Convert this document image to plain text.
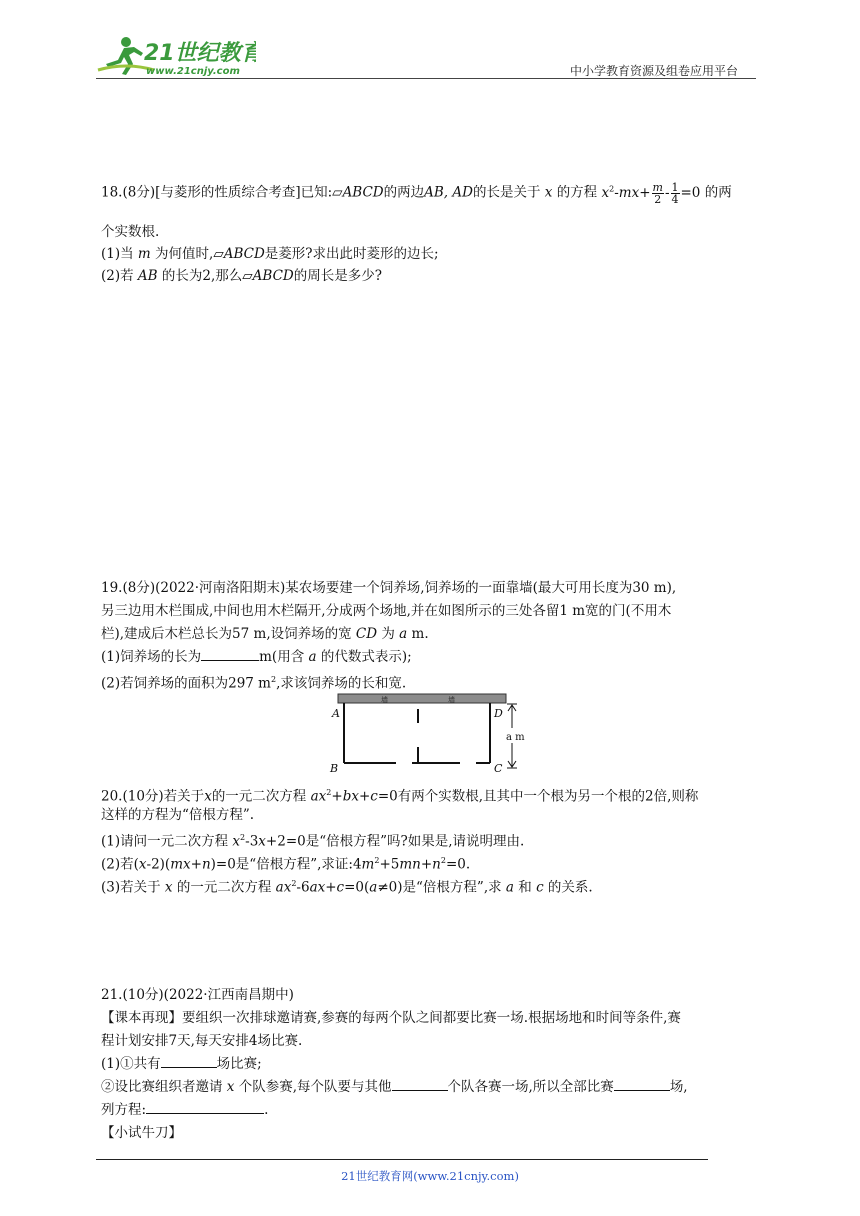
21世纪教育
www.21cnjy.com	中小学教育资源及组卷应用平台
18.(8分)[与菱形的性质综合考查]已知:▱ABCD的两边AB, AD的长是关于 x 的方程 $x^2-mx+ \frac{m}{2} - \frac{1}{4} =0$ 的两
个实数根.
(1)当 m 为何值时,▱ABCD是菱形?求出此时菱形的边长;
(2)若 AB 的长为2,那么▱ABCD的周长是多少?
19.(8分)(2022·河南洛阳期末)某农场要建一个饲养场,饲养场的一面靠墙(最大可用长度为30 m),
另三边用木栏围成,中间也用木栏隔开,分成两个场地,并在如图所示的三处各留1 m宽的门(不用木
栏),建成后木栏总长为57 m,设饲养场的宽 CD 为 a m.
(1)饲养场的长为	m(用含 a 的代数式表示);
(2)若饲养场的面积为297 $m^2$,求该饲养场的长和宽.
墙	墙
A	D
B	C
a m
20.(10分)若关于x的一元二次方程 $ax^2+bx+c=0$有两个实数根,且其中一个根为另一个根的2倍,则称
这样的方程为“倍根方程”.
(1)请问一元二次方程 $x^2-3x+2=0$是“倍根方程”吗?如果是,请说明理由.
(2)若(x-2)(mx+n)=0是“倍根方程”,求证$:4m^2+5mn+n^2=0$.
(3)若关于 x 的一元二次方程 $ax^2-6ax+c=0(a\ne 0)$是“倍根方程”,求 a 和 c 的关系.
21.(10分)(2022·江西南昌期中)
【课本再现】要组织一次排球邀请赛,参赛的每两个队之间都要比赛一场.根据场地和时间等条件,赛
程计划安排7天,每天安排4场比赛.
(1)①共有	场比赛;
②设比赛组织者邀请 x 个队参赛,每个队要与其他	个队各赛一场,所以全部比赛	场,
列方程:	.
【小试牛刀】
21世纪教育网(www.21cnjy.com)
